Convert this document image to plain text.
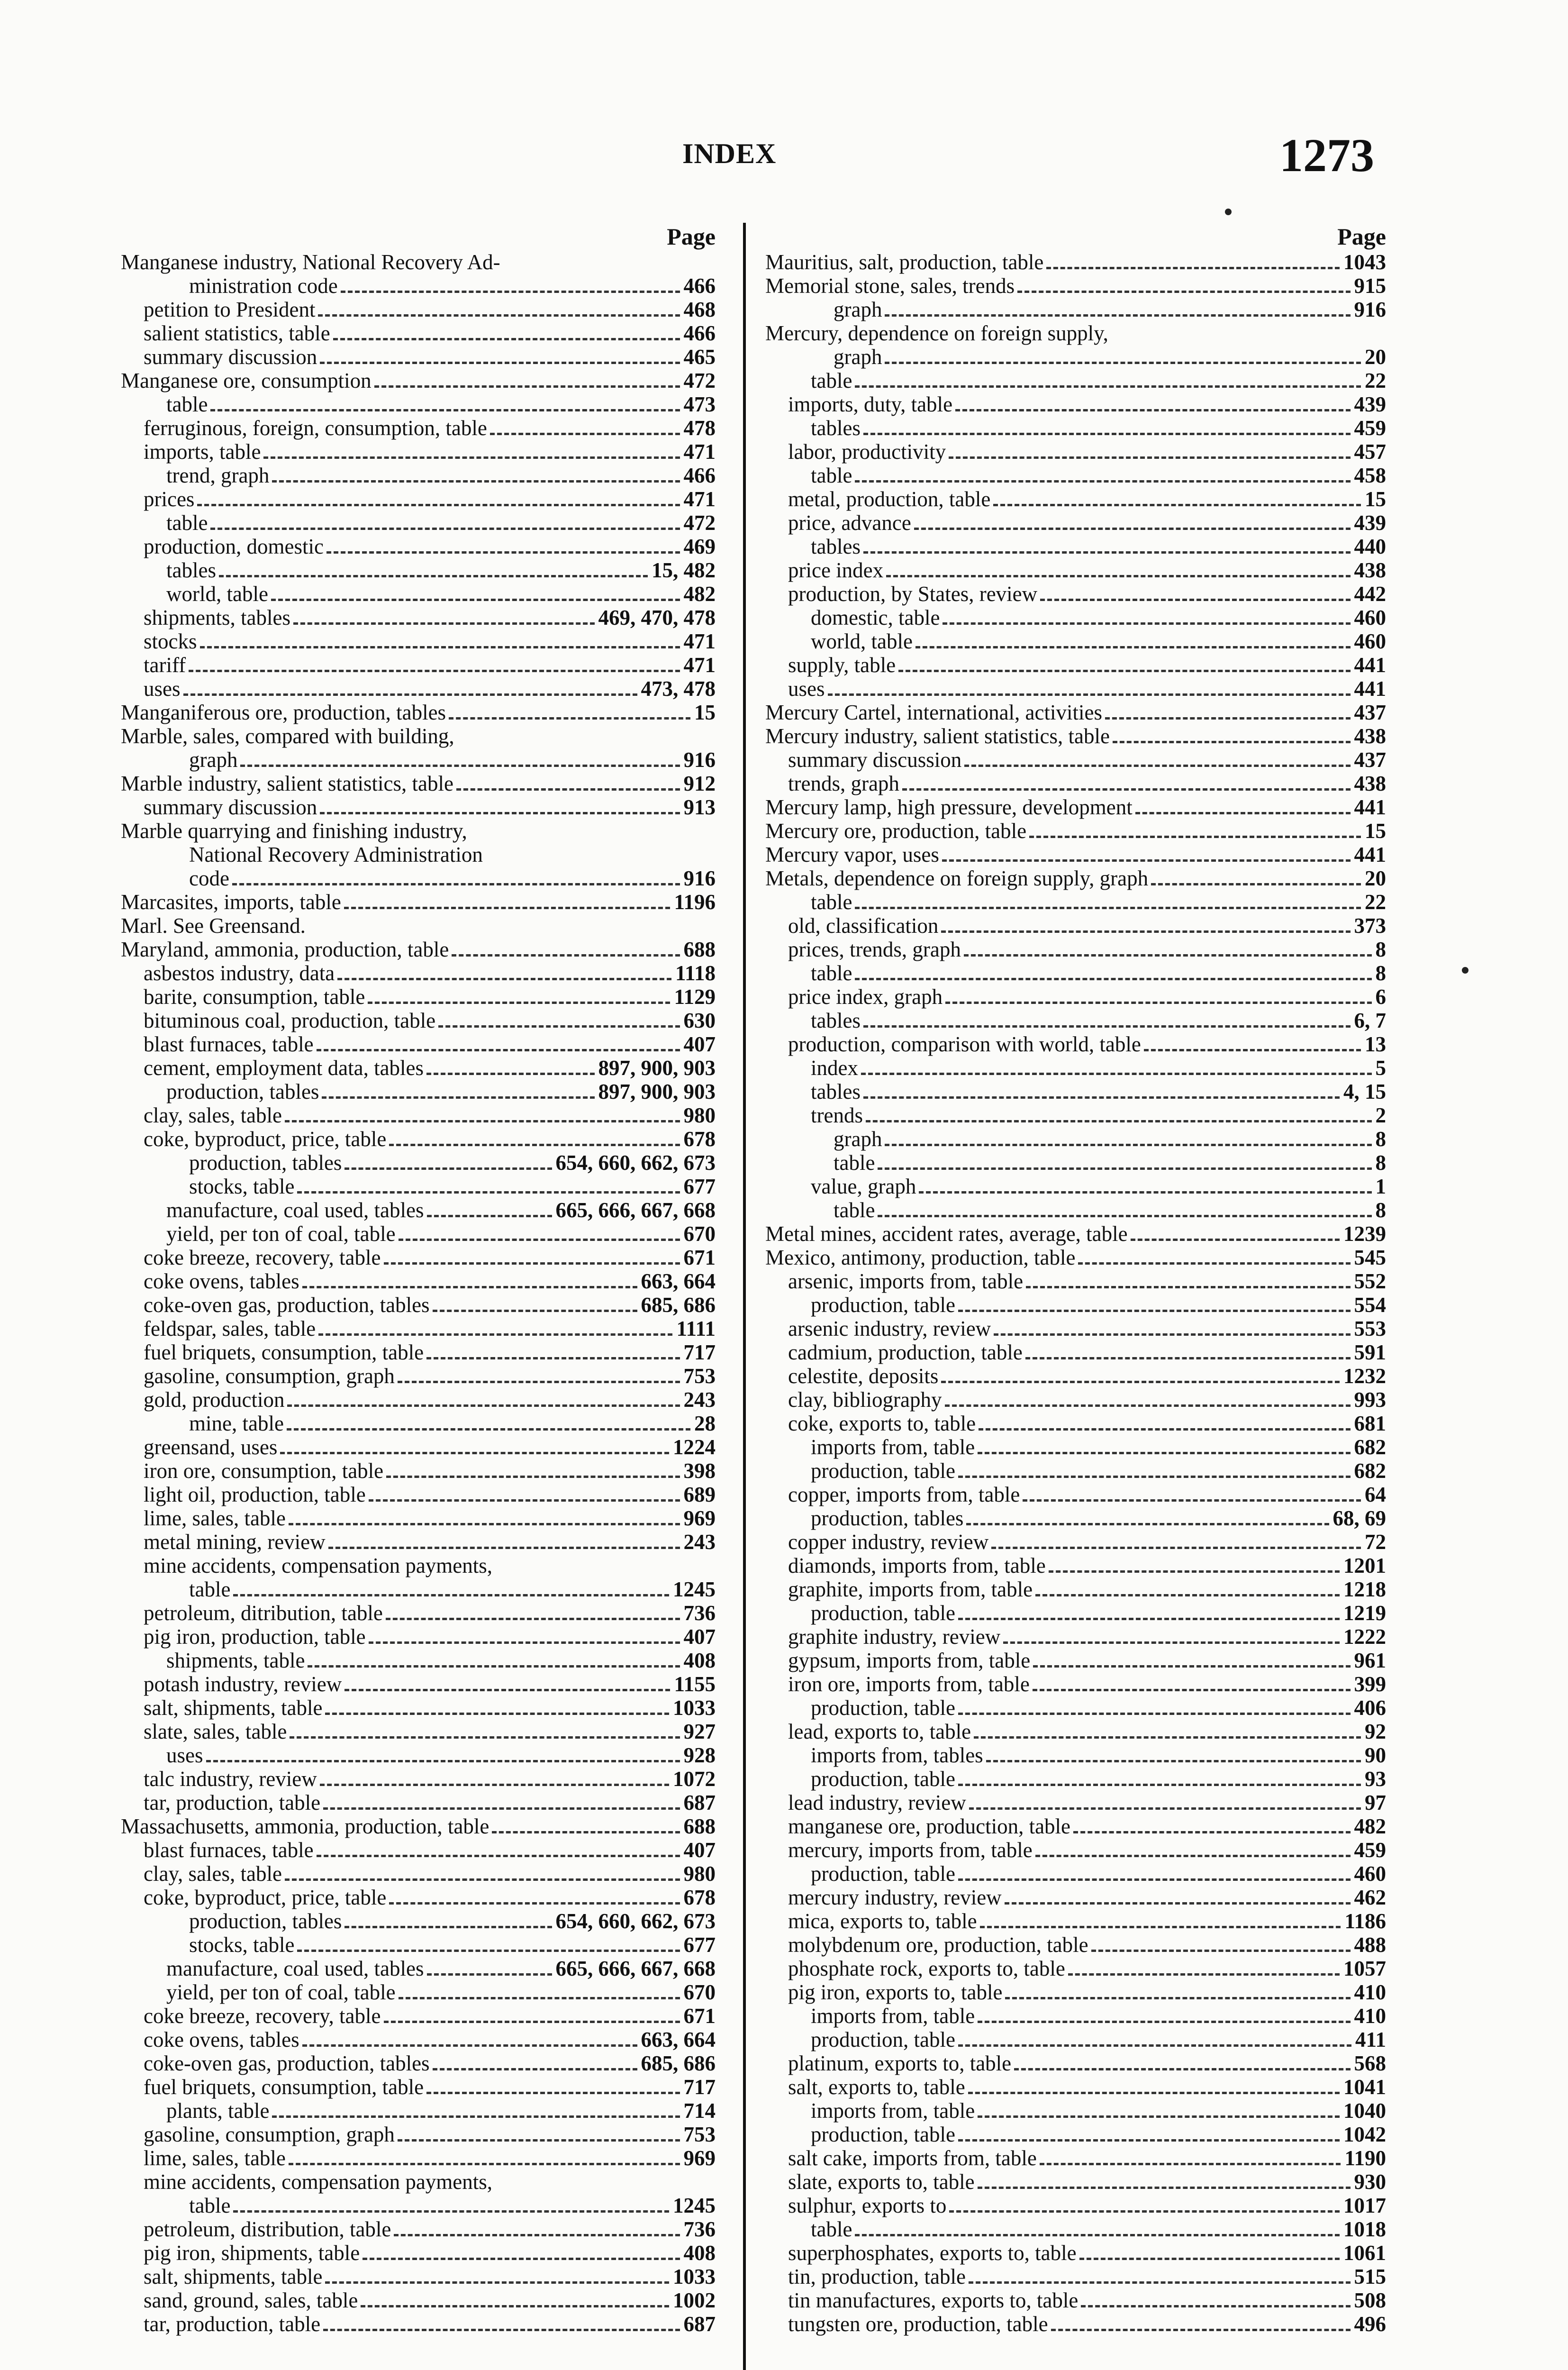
INDEX	1273
Page
Manganese industry, National Recovery Ad-
ministration code	466
petition to President	468
salient statistics, table	466
summary discussion	465
Manganese ore, consumption	472
table	473
ferruginous, foreign, consumption, table	478
imports, table	471
trend, graph	466
prices	471
table	472
production, domestic	469
tables	15, 482
world, table	482
shipments, tables	469, 470, 478
stocks	471
tariff	471
uses	473, 478
Manganiferous ore, production, tables	15
Marble, sales, compared with building,
graph	916
Marble industry, salient statistics, table	912
summary discussion	913
Marble quarrying and finishing industry,
National Recovery Administration
code	916
Marcasites, imports, table	1196
Marl. See Greensand.
Maryland, ammonia, production, table	688
asbestos industry, data	1118
barite, consumption, table	1129
bituminous coal, production, table	630
blast furnaces, table	407
cement, employment data, tables	897, 900, 903
production, tables	897, 900, 903
clay, sales, table	980
coke, byproduct, price, table	678
production, tables	654, 660, 662, 673
stocks, table	677
manufacture, coal used, tables	665, 666, 667, 668
yield, per ton of coal, table	670
coke breeze, recovery, table	671
coke ovens, tables	663, 664
coke-oven gas, production, tables	685, 686
feldspar, sales, table	1111
fuel briquets, consumption, table	717
gasoline, consumption, graph	753
gold, production	243
mine, table	28
greensand, uses	1224
iron ore, consumption, table	398
light oil, production, table	689
lime, sales, table	969
metal mining, review	243
mine accidents, compensation payments,
table	1245
petroleum, ditribution, table	736
pig iron, production, table	407
shipments, table	408
potash industry, review	1155
salt, shipments, table	1033
slate, sales, table	927
uses	928
talc industry, review	1072
tar, production, table	687
Massachusetts, ammonia, production, table	688
blast furnaces, table	407
clay, sales, table	980
coke, byproduct, price, table	678
production, tables	654, 660, 662, 673
stocks, table	677
manufacture, coal used, tables	665, 666, 667, 668
yield, per ton of coal, table	670
coke breeze, recovery, table	671
coke ovens, tables	663, 664
coke-oven gas, production, tables	685, 686
fuel briquets, consumption, table	717
plants, table	714
gasoline, consumption, graph	753
lime, sales, table	969
mine accidents, compensation payments,
table	1245
petroleum, distribution, table	736
pig iron, shipments, table	408
salt, shipments, table	1033
sand, ground, sales, table	1002
tar, production, table	687
Page
Mauritius, salt, production, table	1043
Memorial stone, sales, trends	915
graph	916
Mercury, dependence on foreign supply,
graph	20
table	22
imports, duty, table	439
tables	459
labor, productivity	457
table	458
metal, production, table	15
price, advance	439
tables	440
price index	438
production, by States, review	442
domestic, table	460
world, table	460
supply, table	441
uses	441
Mercury Cartel, international, activities	437
Mercury industry, salient statistics, table	438
summary discussion	437
trends, graph	438
Mercury lamp, high pressure, development	441
Mercury ore, production, table	15
Mercury vapor, uses	441
Metals, dependence on foreign supply, graph	20
table	22
old, classification	373
prices, trends, graph	8
table	8
price index, graph	6
tables	6, 7
production, comparison with world, table	13
index	5
tables	4, 15
trends	2
graph	8
table	8
value, graph	1
table	8
Metal mines, accident rates, average, table	1239
Mexico, antimony, production, table	545
arsenic, imports from, table	552
production, table	554
arsenic industry, review	553
cadmium, production, table	591
celestite, deposits	1232
clay, bibliography	993
coke, exports to, table	681
imports from, table	682
production, table	682
copper, imports from, table	64
production, tables	68, 69
copper industry, review	72
diamonds, imports from, table	1201
graphite, imports from, table	1218
production, table	1219
graphite industry, review	1222
gypsum, imports from, table	961
iron ore, imports from, table	399
production, table	406
lead, exports to, table	92
imports from, tables	90
production, table	93
lead industry, review	97
manganese ore, production, table	482
mercury, imports from, table	459
production, table	460
mercury industry, review	462
mica, exports to, table	1186
molybdenum ore, production, table	488
phosphate rock, exports to, table	1057
pig iron, exports to, table	410
imports from, table	410
production, table	411
platinum, exports to, table	568
salt, exports to, table	1041
imports from, table	1040
production, table	1042
salt cake, imports from, table	1190
slate, exports to, table	930
sulphur, exports to	1017
table	1018
superphosphates, exports to, table	1061
tin, production, table	515
tin manufactures, exports to, table	508
tungsten ore, production, table	496
